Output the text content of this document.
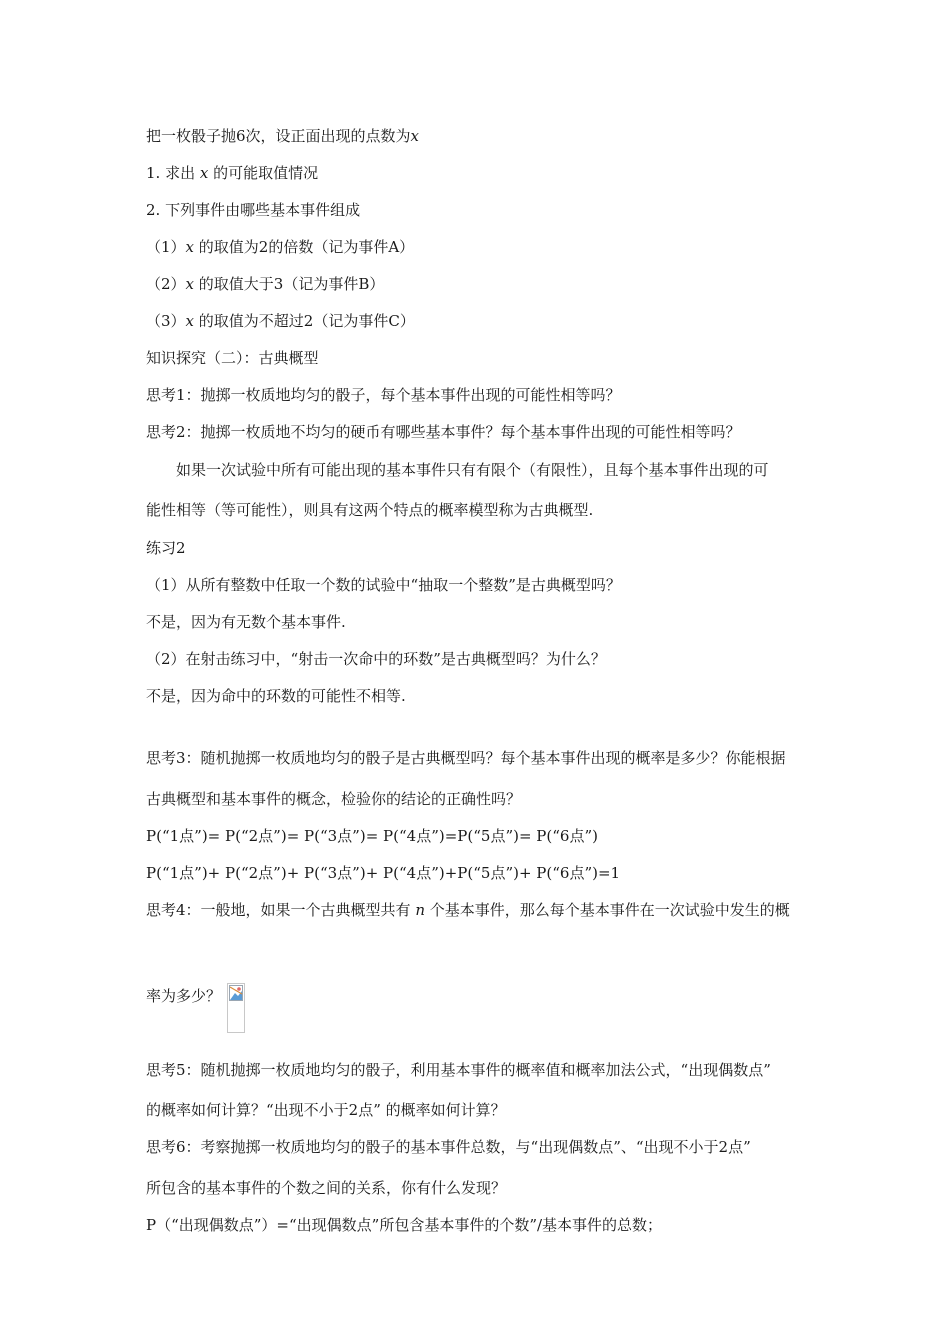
把一枚骰子抛6次，设正面出现的点数为x
1. 求出 x 的可能取值情况
2. 下列事件由哪些基本事件组成
（1）x 的取值为2的倍数（记为事件A）
（2）x 的取值大于3（记为事件B）
（3）x 的取值为不超过2（记为事件C）
知识探究（二）：古典概型
思考1：抛掷一枚质地均匀的骰子，每个基本事件出现的可能性相等吗？
思考2：抛掷一枚质地不均匀的硬币有哪些基本事件？每个基本事件出现的可能性相等吗？
如果一次试验中所有可能出现的基本事件只有有限个（有限性），且每个基本事件出现的可
能性相等（等可能性），则具有这两个特点的概率模型称为古典概型.
练习2
（1）从所有整数中任取一个数的试验中“抽取一个整数”是古典概型吗？
不是，因为有无数个基本事件.
（2）在射击练习中，“射击一次命中的环数”是古典概型吗？为什么？
不是，因为命中的环数的可能性不相等.
思考3：随机抛掷一枚质地均匀的骰子是古典概型吗？每个基本事件出现的概率是多少？你能根据
古典概型和基本事件的概念，检验你的结论的正确性吗？
P(“1点”)= P(“2点”)= P(“3点”)= P(“4点”)=P(“5点”)= P(“6点”)
P(“1点”)+ P(“2点”)+ P(“3点”)+ P(“4点”)+P(“5点”)+ P(“6点”)=1
思考4：一般地，如果一个古典概型共有 n 个基本事件，那么每个基本事件在一次试验中发生的概
率为多少？
思考5：随机抛掷一枚质地均匀的骰子，利用基本事件的概率值和概率加法公式，“出现偶数点”
的概率如何计算？“出现不小于2点” 的概率如何计算？
思考6：考察抛掷一枚质地均匀的骰子的基本事件总数，与“出现偶数点”、“出现不小于2点”
所包含的基本事件的个数之间的关系，你有什么发现？
P（“出现偶数点”）=“出现偶数点”所包含基本事件的个数”/基本事件的总数；
